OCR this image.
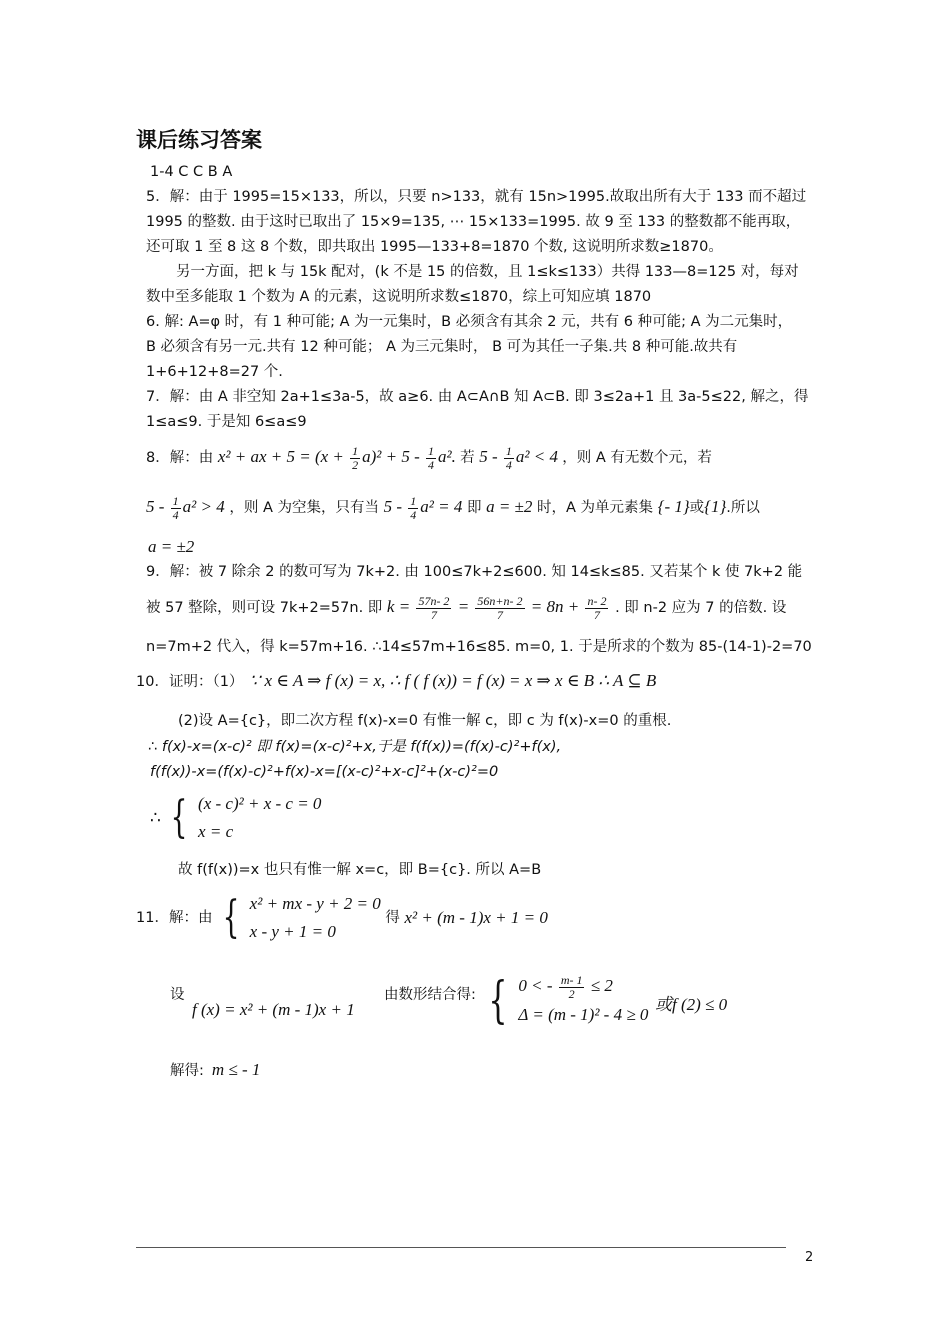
课后练习答案
1-4 C C B A
5．解：由于 1995=15×133，所以，只要 n>133，就有 15n>1995.故取出所有大于 133 而不超过
1995 的整数. 由于这时已取出了 15×9=135, ⋯ 15×133=1995. 故 9 至 133 的整数都不能再取，
还可取 1 至 8 这 8 个数，即共取出 1995—133+8=1870 个数, 这说明所求数≥1870。
另一方面，把 k 与 15k 配对，(k 不是 15 的倍数，且 1≤k≤133）共得 133—8=125 对，每对
数中至多能取 1 个数为 A 的元素，这说明所求数≤1870，综上可知应填 1870
6. 解: A=φ 时，有 1 种可能; A 为一元集时，B 必须含有其余 2 元，共有 6 种可能; A 为二元集时，
B 必须含有另一元.共有 12 种可能； A 为三元集时， B 可为其任一子集.共 8 种可能.故共有
1+6+12+8=27 个.
7．解：由 A 非空知 2a+1≤3a-5，故 a≥6. 由 A⊂A∩B 知 A⊂B. 即 3≤2a+1 且 3a-5≤22, 解之，得
1≤a≤9. 于是知 6≤a≤9
8．解：由 x² + ax + $5 = (x + \frac{1}{2} a)^2 + 5 - \frac{1}{4} a^2$. 若 $5 - \frac{1}{4} a^2 < 4$ ，则 A 有无数个元，若
$5 - \frac{1}{4} a^2 > 4$ ，则 A 为空集，只有当 $5 - \frac{1}{4} a^2 = 4$ 即 a = ±2 时，A 为单元素集 {- 1}或{1}.所以
a = ±2
9．解：被 7 除余 2 的数可写为 7k+2. 由 100≤7k+2≤600. 知 14≤k≤85. 又若某个 k 使 7k+2 能
被 57 整除，则可设 7k+2=57n. 即 $k = \frac{57n- 2}{7} = \frac{56n+n- 2}{7} = 8n + \frac{n- 2}{7}$ . 即 n-2 应为 7 的倍数. 设
n=7m+2 代入，得 k=57m+16. ∴14≤57m+16≤85. m=0, 1. 于是所求的个数为 85-(14-1)-2=70
10．证明：（1） ∵ x ∈ A ⇒ f (x) = x, ∴ f ( f (x)) = f (x) = x ⇒ x ∈ B ∴ A ⊆ B
(2)设 A={c}，即二次方程 f(x)-x=0 有惟一解 c，即 c 为 f(x)-x=0 的重根.
∴ f(x)-x=(x-c)² 即 f(x)=(x-c)²+x,于是 f(f(x))=(f(x)-c)²+f(x),
f(f(x))-x=(f(x)-c)²+f(x)-x=[(x-c)²+x-c]²+(x-c)²=0
∴ { (x - c)² + x - c = 0
x = c
故 f(f(x))=x 也只有惟一解 x=c，即 B={c}. 所以 A=B
11．解：由 { x² + mx - y + 2 = 0
x - y + 1 = 0
得 x² + (m - 1)x + 1 = 0
设
f (x) = x² + (m - 1)x + 1
由数形结合得: { 0 < - $\frac{m- 1}{2} \le 2$
Δ = (m - 1)² - 4 ≥ 0
或f (2) ≤ 0
解得: m ≤ - 1
2
